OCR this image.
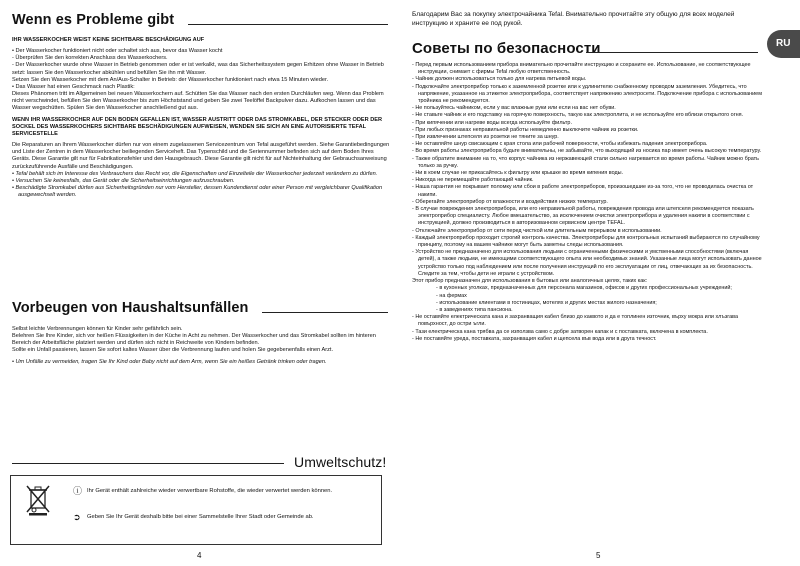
Wenn es Probleme gibt

IHR WASSERKOCHER WEIST KEINE SICHTBARE BESCHÄDIGUNG AUF

• Der Wasserkocher funktioniert nicht oder schaltet sich aus, bevor das Wasser kocht

- Überprüfen Sie den korrekten Anschluss des Wasserkochers.

- Der Wasserkocher wurde ohne Wasser in Betrieb genommen oder er ist verkalkt, was das Sicherheitssystem gegen Erhitzen ohne Wasser in Betrieb setzt: lassen Sie den Wasserkocher abkühlen und befüllen Sie ihn mit Wasser.

Setzen Sie den Wasserkocher mit dem An/Aus-Schalter in Betrieb: der Wasserkocher funktioniert nach etwa 15 Minuten wieder.

• Das Wasser hat einen Geschmack nach Plastik:

Dieses Phänomen tritt im Allgemeinen bei neuen Wasserkochern auf. Schütten Sie das Wasser nach den ersten Durchläufen weg. Wenn das Problem nicht verschwindet, befüllen Sie den Wasserkocher bis zum Höchststand und geben Sie zwei Teelöffel Backpulver dazu. Aufkochen lassen und das Wasser wegschütten. Spülen Sie den Wasserkocher anschließend gut aus.

WENN IHR WASSERKOCHER AUF DEN BODEN GEFALLEN IST, WASSER AUSTRITT ODER DAS STROMKABEL, DER STECKER ODER DER SOCKEL DES WASSERKOCHERS SICHTBARE BESCHÄDIGUNGEN AUFWEISEN, WENDEN SIE SICH AN EINE AUTORISIERTE TEFAL SERVICESTELLE

Die Reparaturen an Ihrem Wasserkocher dürfen nur von einem zugelassenen Servicezentrum von Tefal ausgeführt werden. Siehe Garantiebedingungen und Liste der Zentren in dem Wasserkocher beiliegenden Serviceheft. Das Typenschild und die Seriennummer befinden sich auf dem Boden Ihres Geräts. Diese Garantie gilt nur für Fabrikationsfehler und den Hausgebrauch. Diese Garantie gilt nicht für auf Nichteinhaltung der Gebrauchsanweisung zurückzuführende Ausfälle und Beschädigungen.

• Tefal behält sich im Interesse des Verbrauchers das Recht vor, die Eigenschaften und Einzelteile der Wasserkocher jederzeit verändern zu dürfen.

• Versuchen Sie keinesfalls, das Gerät oder die Sicherheitseinrichtungen aufzuschrauben.

• Beschädigte Stromkabel dürfen aus Sicherheitsgründen nur vom Hersteller, dessen Kundendienst oder einer Person mit vergleichbarer Qualifikation ausgewechselt werden.

Vorbeugen von Haushaltsunfällen

Selbst leichte Verbrennungen können für Kinder sehr gefährlich sein.

Belehren Sie Ihre Kinder, sich vor heißen Flüssigkeiten in der Küche in Acht zu nehmen. Der Wasserkocher und das Stromkabel sollten im hinteren Bereich der Arbeitsfläche platziert werden und dürfen sich nicht in Reichweite von Kindern befinden.

Sollte ein Unfall passieren, lassen Sie sofort kaltes Wasser über die Verbrennung laufen und holen Sie gegebenenfalls einen Arzt.

• Um Unfälle zu vermeiden, tragen Sie Ihr Kind oder Baby nicht auf dem Arm, wenn Sie ein heißes Getränk trinken oder tragen.

Umweltschutz!
ⓘ Ihr Gerät enthält zahlreiche wieder verwertbare Rohstoffe, die wieder verwertet werden können.
➲ Geben Sie Ihr Gerät deshalb bitte bei einer Sammelstelle Ihrer Stadt oder Gemeinde ab.
4
Благодарим Вас за покупку электрочайника Tefal. Внимательно прочитайте эту общую для всех моделей инструкцию и храните ее под рукой.
Советы по безопасности

- Перед первым использованием прибора внимательно прочитайте инструкцию и сохраните ее. Использование, не соответствующее инструкции, снимает с фирмы Tefal любую ответственность.

- Чайник должен использоваться только для нагрева питьевой воды.

- Подключайте электроприбор только к заземленной розетке или к удлинителю снабженному проводом заземления. Убедитесь, что напряжение, указанное на этикетке электроприбора, соответствует напряжению электросети. Подключение прибора с использованием тройника не рекомендуется.

- Не пользуйтесь чайником, если у вас влажные руки или если на вас нет обуви.

- Не ставьте чайник и его подставку на горячую поверхность, такую как электроплита, и не используйте его вблизи открытого огня.

- При кипячении или нагреве воды всегда используйте фильтр.

- При любых признаках неправильной работы немедленно выключите чайник из розетки.

- При извлечении штепселя из розетки не тяните за шнур.

- Не оставляйте шнур свисающим с края стола или рабочей поверхности, чтобы избежать падения электроприбора.

- Во время работы электроприбора будьте внимательны, не забывайте, что выходящий из носика пар имеет очень высокую температуру.

- Также обратите внимание на то, что корпус чайника из нержавеющей стали сильно нагревается во время работы. Чайник можно брать только за ручку.

- Ни в коем случае не прикасайтесь к фильтру или крышке во время кипения воды.

- Никогда не перемещайте работающий чайник.

- Наша гарантия не покрывает поломку или сбои в работе электроприборов, произошедшие из-за того, что не проводилась очистка от накипи.

- Оберегайте электроприбор от влажности и воздействия низких температур.

- В случае повреждения электроприбора, или его неправильной работы, повреждения провода или штепселя рекомендуется показать электроприбор специалисту. Любое вмешательство, за исключением очистки электроприбора и удаления накипи в соответствии с инструкцией, должно производиться в авторизованном сервисном центре TEFAL.

- Отключайте электроприбор от сети перед чисткой или длительным перерывом в использовании.

- Каждый электроприбор проходит строгий контроль качества. Электроприборы для контрольных испытаний выбираются по случайному принципу, поэтому на вашем чайнике могут быть заметны следы использования.

- Устройство не предназначено для использования людьми с ограниченными физическими и умственными способностями (включая детей), а также людьми, не имеющими соответствующего опыта или необходимых знаний. Указанные лица могут использовать данное устройство только под наблюдением или после получения инструкций по его эксплуатации от лиц, отвечающих за их безопасность.

Следите за тем, чтобы дети не играли с устройством.

Этот прибор предназначен для использования в бытовых или аналогичных целях, таких как:

- в кухонных уголках, предназначенных для персонала магазинов, офисов и других профессиональных учреждений;

- на фермах

- использование клиентами в гостиницах, мотелях и других местах жилого назначения;

- в заведениях типа пансиона.

- Не оставяйте електрическата кана и захранващия кабел близо до каквото и да е топлинен източник, върху мокра или хлъзгава повърхност, до остри ъгли.

- Тази електрическа кана трябва да се използва само с добре затворен капак и с поставката, включена в комплекта.

- Не поставяйте уреда, поставката, захранващия кабел и щепсела във вода или в друга течност.

5
RU
